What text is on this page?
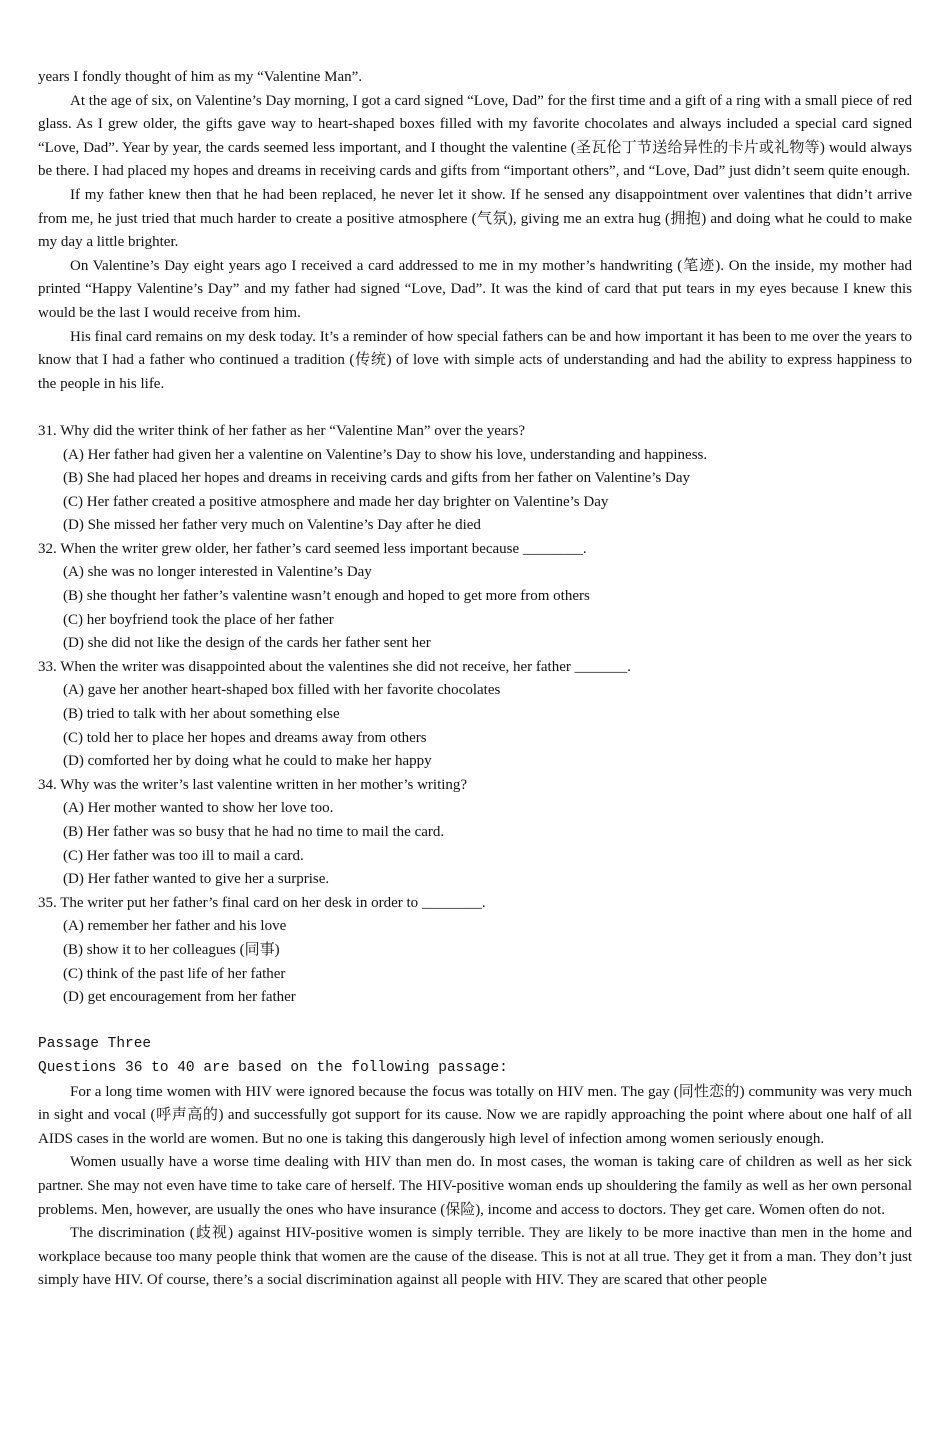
years I fondly thought of him as my “Valentine Man”.

At the age of six, on Valentine’s Day morning, I got a card signed “Love, Dad” for the first time and a gift of a ring with a small piece of red glass. As I grew older, the gifts gave way to heart-shaped boxes filled with my favorite chocolates and always included a special card signed “Love, Dad”. Year by year, the cards seemed less important, and I thought the valentine (圣瓦伦丁节送给异性的卡片或礼物等) would always be there. I had placed my hopes and dreams in receiving cards and gifts from “important others”, and “Love, Dad” just didn’t seem quite enough.

If my father knew then that he had been replaced, he never let it show. If he sensed any disappointment over valentines that didn’t arrive from me, he just tried that much harder to create a positive atmosphere (气氛), giving me an extra hug (拥抱) and doing what he could to make my day a little brighter.

On Valentine’s Day eight years ago I received a card addressed to me in my mother’s handwriting (笔迹). On the inside, my mother had printed “Happy Valentine’s Day” and my father had signed “Love, Dad”. It was the kind of card that put tears in my eyes because I knew this would be the last I would receive from him.

His final card remains on my desk today. It’s a reminder of how special fathers can be and how important it has been to me over the years to know that I had a father who continued a tradition (传统) of love with simple acts of understanding and had the ability to express happiness to the people in his life.

31. Why did the writer think of her father as her “Valentine Man” over the years?

(A) Her father had given her a valentine on Valentine’s Day to show his love, understanding and happiness.

(B) She had placed her hopes and dreams in receiving cards and gifts from her father on Valentine’s Day

(C) Her father created a positive atmosphere and made her day brighter on Valentine’s Day

(D) She missed her father very much on Valentine’s Day after he died

32. When the writer grew older, her father’s card seemed less important because ________.

(A) she was no longer interested in Valentine’s Day

(B) she thought her father’s valentine wasn’t enough and hoped to get more from others

(C) her boyfriend took the place of her father

(D) she did not like the design of the cards her father sent her

33. When the writer was disappointed about the valentines she did not receive, her father _______.

(A) gave her another heart-shaped box filled with her favorite chocolates

(B) tried to talk with her about something else

(C) told her to place her hopes and dreams away from others

(D) comforted her by doing what he could to make her happy

34. Why was the writer’s last valentine written in her mother’s writing?

(A) Her mother wanted to show her love too.

(B) Her father was so busy that he had no time to mail the card.

(C) Her father was too ill to mail a card.

(D) Her father wanted to give her a surprise.

35. The writer put her father’s final card on her desk in order to ________.

(A) remember her father and his love

(B) show it to her colleagues (同事)

(C) think of the past life of her father

(D) get encouragement from her father

Passage Three

Questions 36 to 40 are based on the following passage:

For a long time women with HIV were ignored because the focus was totally on HIV men. The gay (同性恋的) community was very much in sight and vocal (呼声高的) and successfully got support for its cause. Now we are rapidly approaching the point where about one half of all AIDS cases in the world are women. But no one is taking this dangerously high level of infection among women seriously enough.

Women usually have a worse time dealing with HIV than men do. In most cases, the woman is taking care of children as well as her sick partner. She may not even have time to take care of herself. The HIV-positive woman ends up shouldering the family as well as her own personal problems. Men, however, are usually the ones who have insurance (保险), income and access to doctors. They get care. Women often do not.

The discrimination (歧视) against HIV-positive women is simply terrible. They are likely to be more inactive than men in the home and workplace because too many people think that women are the cause of the disease. This is not at all true. They get it from a man. They don’t just simply have HIV. Of course, there’s a social discrimination against all people with HIV. They are scared that other people
